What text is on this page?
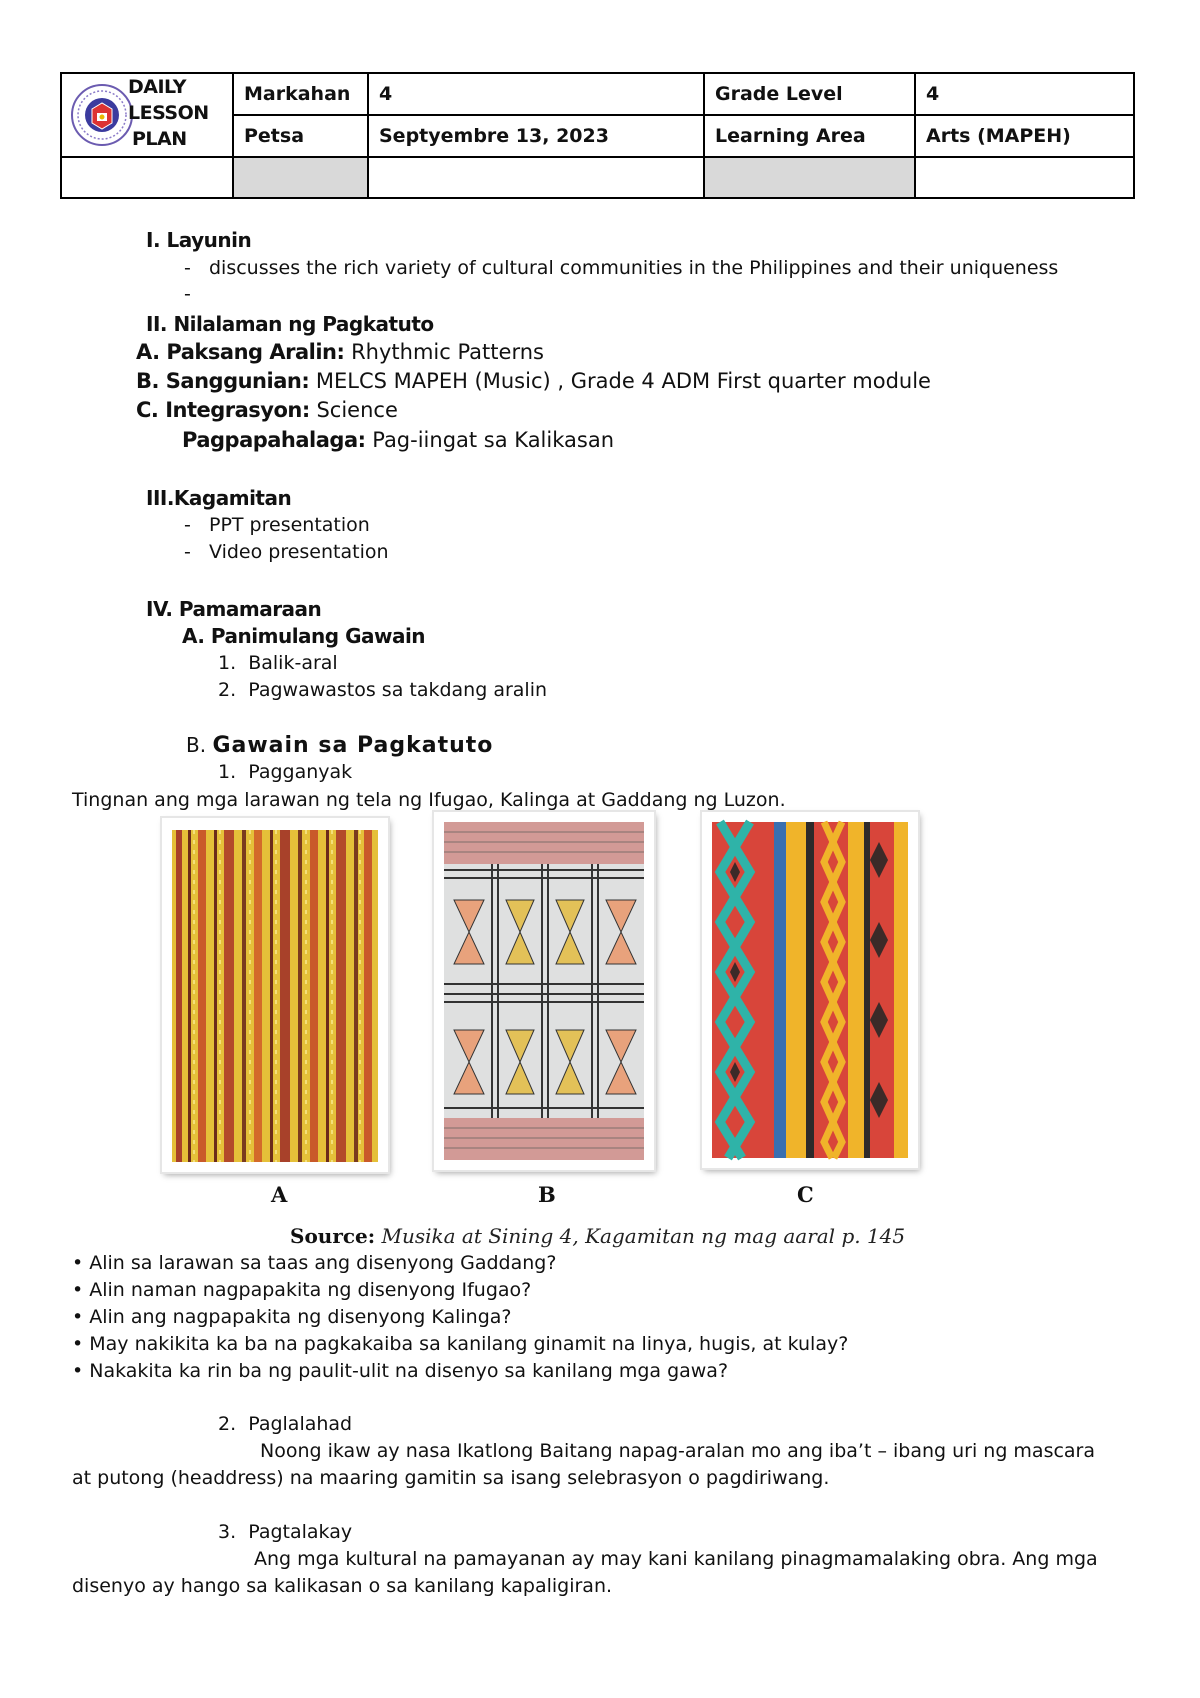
DAILY
LESSON
PLAN	Markahan	4	Grade Level	4
	Petsa	Septyembre 13, 2023	Learning Area	Arts (MAPEH)

I. Layunin
-   discusses the rich variety of cultural communities in the Philippines and their uniqueness
-
II. Nilalaman ng Pagkatuto
A. Paksang Aralin: Rhythmic Patterns
B. Sanggunian: MELCS MAPEH (Music) , Grade 4 ADM First quarter module
C. Integrasyon: Science
Pagpapahalaga: Pag-iingat sa Kalikasan
III.Kagamitan
-   PPT presentation
-   Video presentation
IV. Pamamaraan
A. Panimulang Gawain
1.  Balik-aral
2.  Pagwawastos sa takdang aralin
B. Gawain sa Pagkatuto
1.  Pagganyak
Tingnan ang mga larawan ng tela ng Ifugao, Kalinga at Gaddang ng Luzon.
A	B	C
Source: Musika at Sining 4, Kagamitan ng mag aaral p. 145
• Alin sa larawan sa taas ang disenyong Gaddang?
• Alin naman nagpapakita ng disenyong Ifugao?
• Alin ang nagpapakita ng disenyong Kalinga?
• May nakikita ka ba na pagkakaiba sa kanilang ginamit na linya, hugis, at kulay?
• Nakakita ka rin ba ng paulit-ulit na disenyo sa kanilang mga gawa?
2.  Paglalahad
Noong ikaw ay nasa Ikatlong Baitang napag-aralan mo ang iba’t – ibang uri ng mascara
at putong (headdress) na maaring gamitin sa isang selebrasyon o pagdiriwang.
3.  Pagtalakay
Ang mga kultural na pamayanan ay may kani kanilang pinagmamalaking obra. Ang mga
disenyo ay hango sa kalikasan o sa kanilang kapaligiran.
